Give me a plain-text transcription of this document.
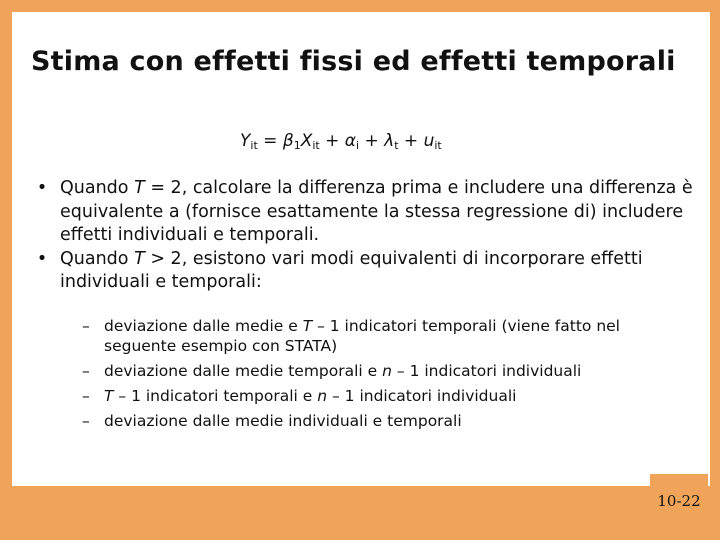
Stima con effetti fissi ed effetti temporali
$Y_{it} = \beta_1X_{it} + \alpha_i + \lambda_t + u_{it}$
• Quando T = 2, calcolare la differenza prima e includere una differenza è equivalente a (fornisce esattamente la stessa regressione di) includere effetti individuali e temporali.
• Quando T > 2, esistono vari modi equivalenti di incorporare effetti individuali e temporali:
– deviazione dalle medie e T – 1 indicatori temporali (viene fatto nel seguente esempio con STATA)
– deviazione dalle medie temporali e n – 1 indicatori individuali
– T – 1 indicatori temporali e n – 1 indicatori individuali
– deviazione dalle medie individuali e temporali
10-22
